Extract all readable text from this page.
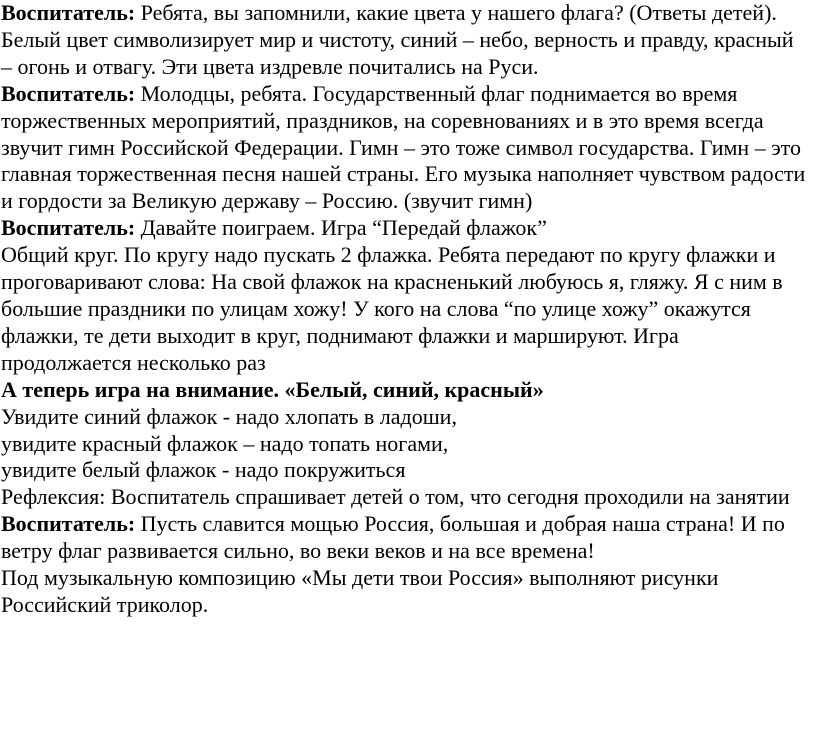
Воспитатель: Ребята, вы запомнили, какие цвета у нашего флага? (Ответы детей).

Белый цвет символизирует мир и чистоту, синий – небо, верность и правду, красный – огонь и отвагу. Эти цвета издревле почитались на Руси.

Воспитатель: Молодцы, ребята. Государственный флаг поднимается во время торжественных мероприятий, праздников, на соревнованиях и в это время всегда звучит гимн Российской Федерации. Гимн – это тоже символ государства. Гимн – это главная торжественная песня нашей страны. Его музыка наполняет чувством радости и гордости за Великую державу – Россию. (звучит гимн)

Воспитатель: Давайте поиграем. Игра “Передай флажок”

Общий круг. По кругу надо пускать 2 флажка. Ребята передают по кругу флажки и проговаривают слова: На свой флажок на красненький любуюсь я, гляжу. Я с ним в большие праздники по улицам хожу! У кого на слова “по улице хожу” окажутся флажки, те дети выходит в круг, поднимают флажки и маршируют. Игра продолжается несколько раз

А теперь игра на внимание. «Белый, синий, красный»

Увидите синий флажок - надо хлопать в ладоши,

увидите красный флажок – надо топать ногами,

увидите белый флажок - надо покружиться

Рефлексия: Воспитатель спрашивает детей о том, что сегодня проходили на занятии

Воспитатель: Пусть славится мощью Россия, большая и добрая наша страна! И по ветру флаг развивается сильно, во веки веков и на все времена!

Под музыкальную композицию «Мы дети твои Россия» выполняют рисунки Российский триколор.
